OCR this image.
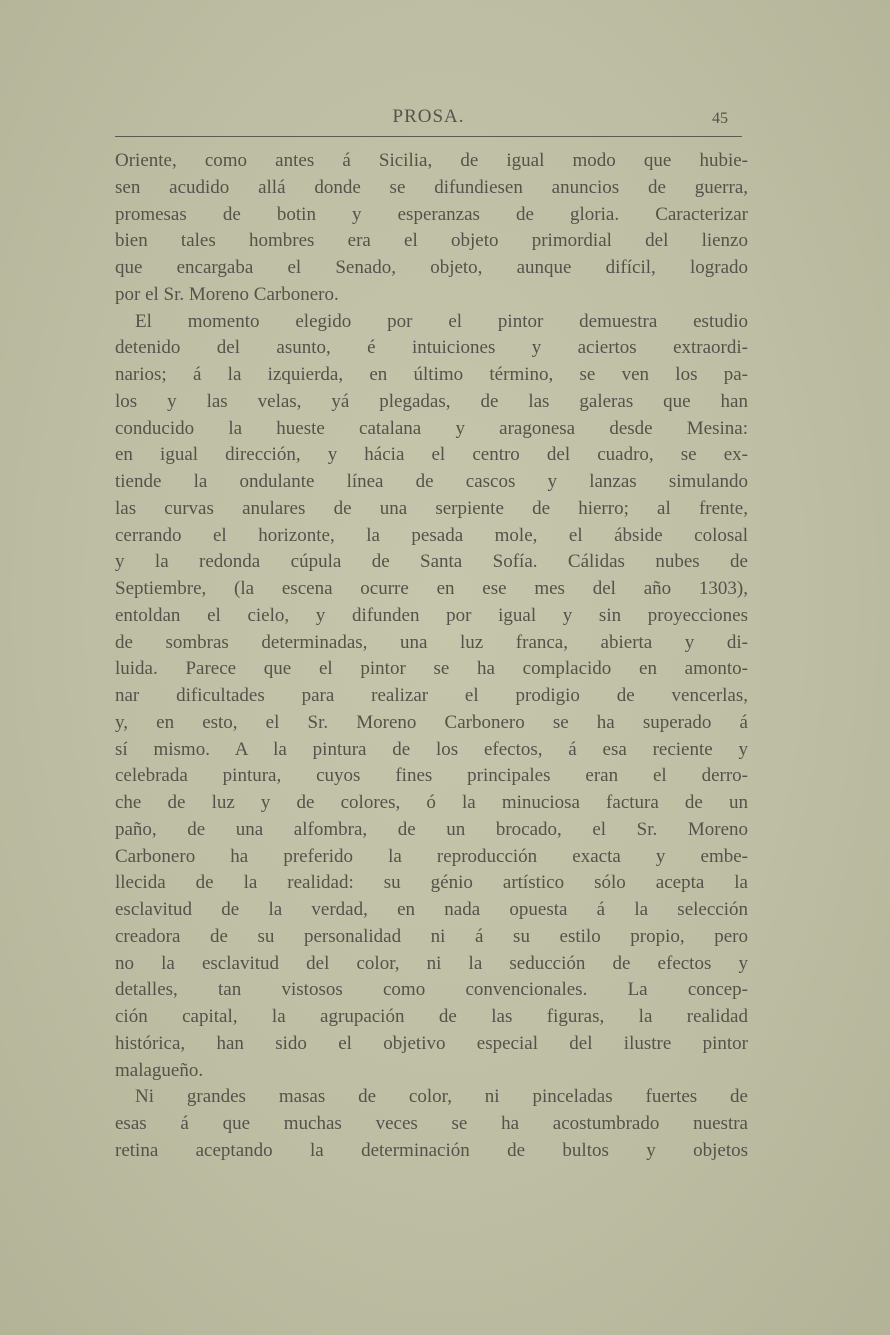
PROSA.	45
Oriente, como antes á Sicilia, de igual modo que hubie-
sen acudido allá donde se difundiesen anuncios de guerra,
promesas de botin y esperanzas de gloria. Caracterizar
bien tales hombres era el objeto primordial del lienzo
que encargaba el Senado, objeto, aunque difícil, logrado
por el Sr. Moreno Carbonero.
El momento elegido por el pintor demuestra estudio
detenido del asunto, é intuiciones y aciertos extraordi-
narios; á la izquierda, en último término, se ven los pa-
los y las velas, yá plegadas, de las galeras que han
conducido la hueste catalana y aragonesa desde Mesina:
en igual dirección, y hácia el centro del cuadro, se ex-
tiende la ondulante línea de cascos y lanzas simulando
las curvas anulares de una serpiente de hierro; al frente,
cerrando el horizonte, la pesada mole, el ábside colosal
y la redonda cúpula de Santa Sofía. Cálidas nubes de
Septiembre, (la escena ocurre en ese mes del año 1303),
entoldan el cielo, y difunden por igual y sin proyecciones
de sombras determinadas, una luz franca, abierta y di-
luida. Parece que el pintor se ha complacido en amonto-
nar dificultades para realizar el prodigio de vencerlas,
y, en esto, el Sr. Moreno Carbonero se ha superado á
sí mismo. A la pintura de los efectos, á esa reciente y
celebrada pintura, cuyos fines principales eran el derro-
che de luz y de colores, ó la minuciosa factura de un
paño, de una alfombra, de un brocado, el Sr. Moreno
Carbonero ha preferido la reproducción exacta y embe-
llecida de la realidad: su génio artístico sólo acepta la
esclavitud de la verdad, en nada opuesta á la selección
creadora de su personalidad ni á su estilo propio, pero
no la esclavitud del color, ni la seducción de efectos y
detalles, tan vistosos como convencionales. La concep-
ción capital, la agrupación de las figuras, la realidad
histórica, han sido el objetivo especial del ilustre pintor
malagueño.
Ni grandes masas de color, ni pinceladas fuertes de
esas á que muchas veces se ha acostumbrado nuestra
retina aceptando la determinación de bultos y objetos
